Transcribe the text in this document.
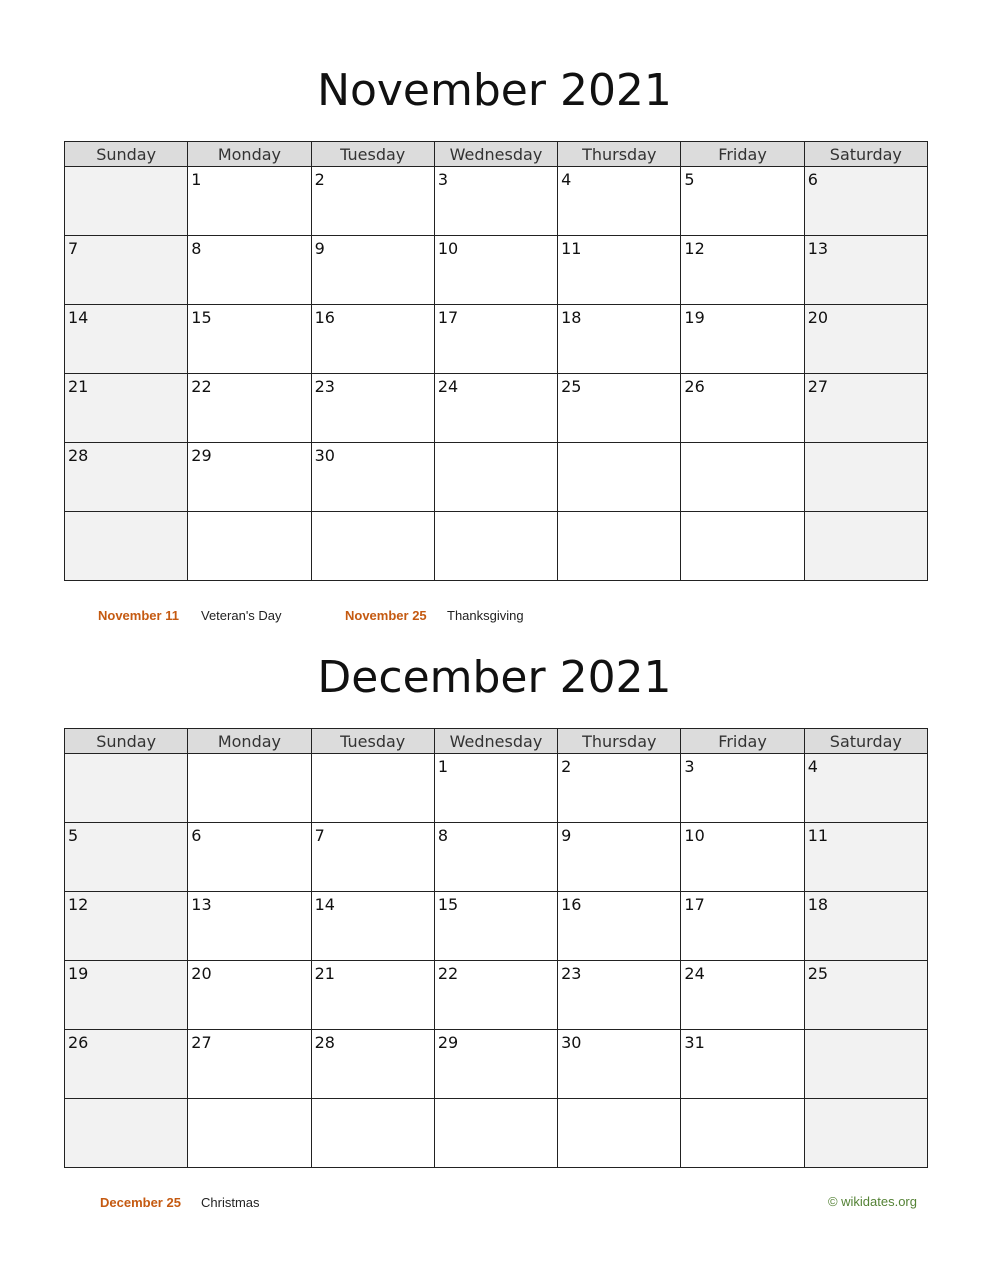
November 2021
Sunday	Monday	Tuesday	Wednesday	Thursday	Friday	Saturday

	1	2	3	4	5	6

7	8	9	10	11	12	13

14	15	16	17	18	19	20

21	22	23	24	25	26	27

28	29	30				

November 11 Veteran's Day	November 25 Thanksgiving
December 2021
Sunday	Monday	Tuesday	Wednesday	Thursday	Friday	Saturday

			1	2	3	4

5	6	7	8	9	10	11

12	13	14	15	16	17	18

19	20	21	22	23	24	25

26	27	28	29	30	31	

December 25 Christmas	© wikidates.org
